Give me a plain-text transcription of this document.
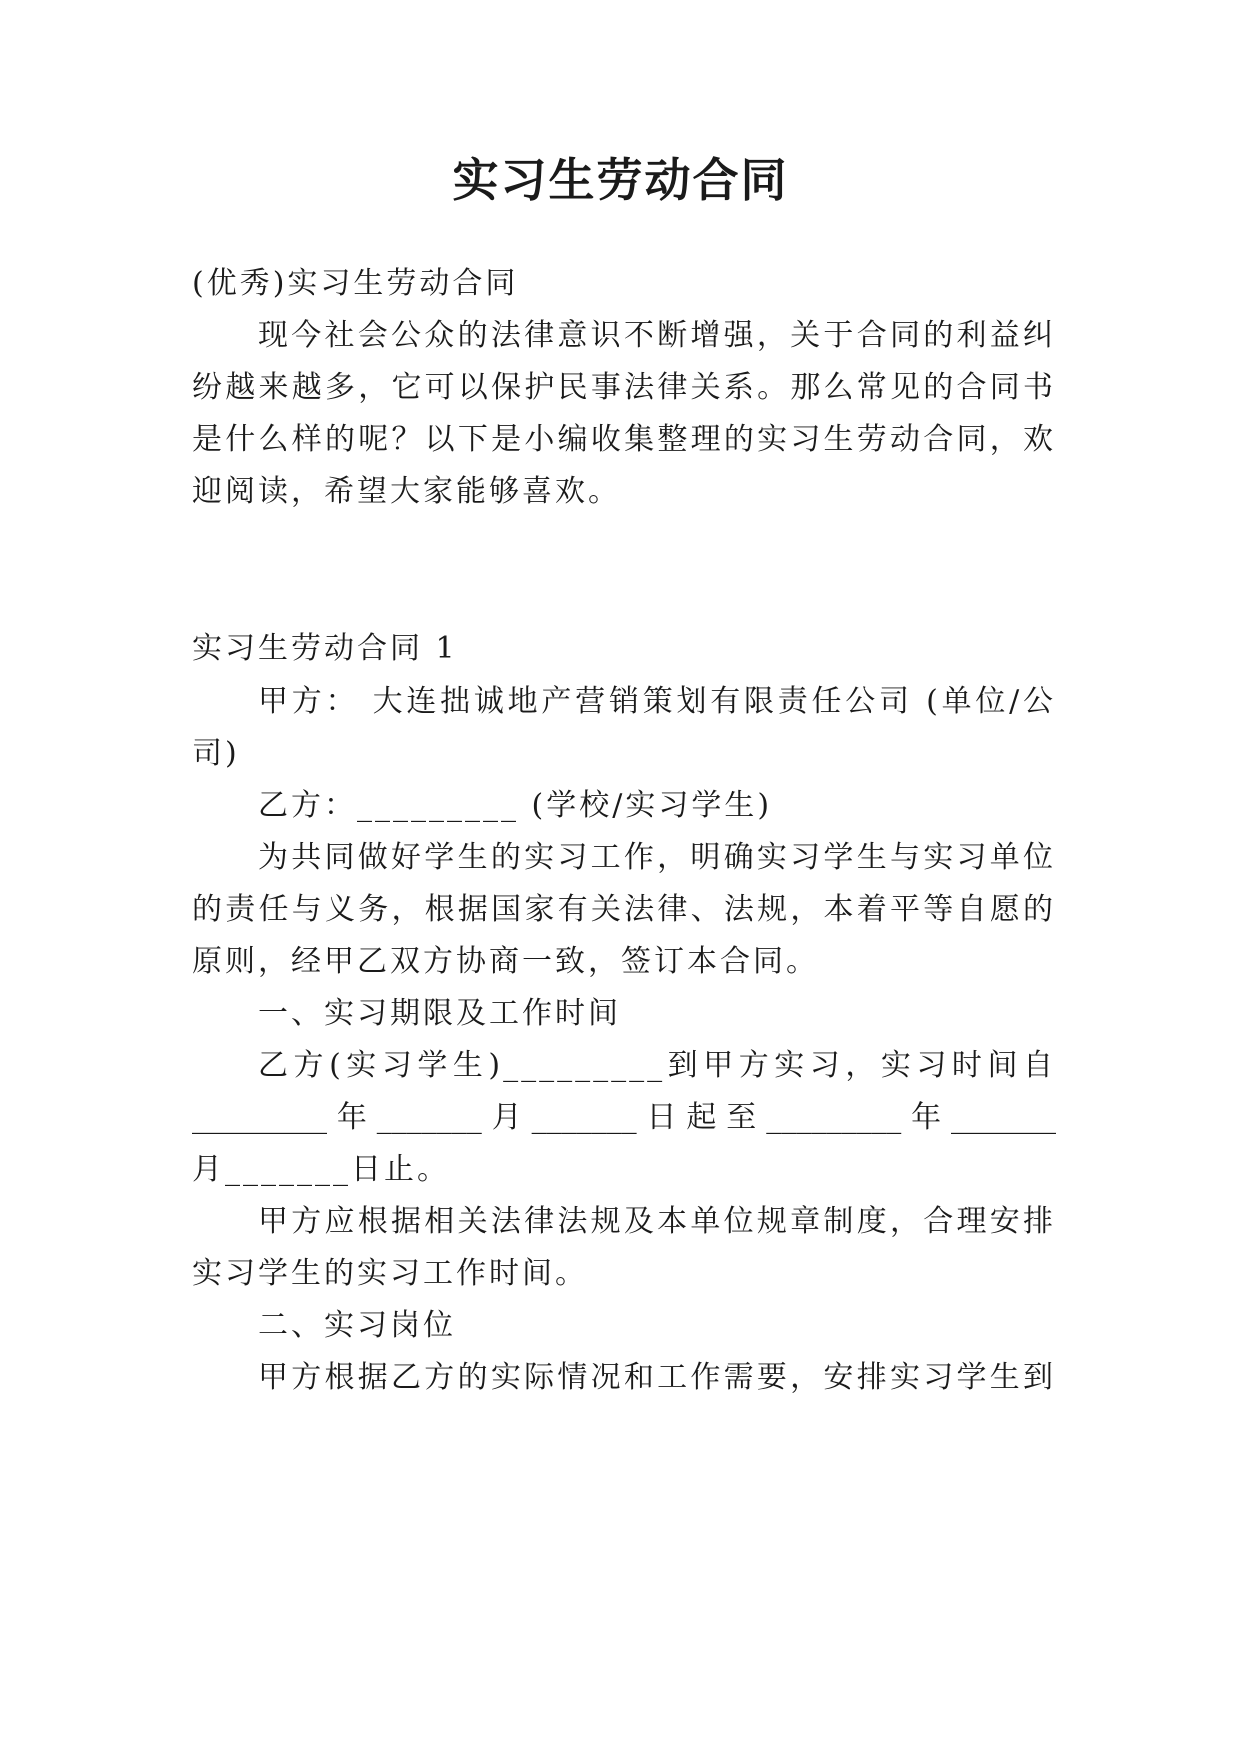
实习生劳动合同
(优秀)实习生劳动合同
现今社会公众的法律意识不断增强，关于合同的利益纠
纷越来越多，它可以保护民事法律关系。那么常见的合同书
是什么样的呢？以下是小编收集整理的实习生劳动合同，欢
迎阅读，希望大家能够喜欢。
实习生劳动合同 1
甲方： 大连拙诚地产营销策划有限责任公司 (单位/公
司)
乙方：_________ (学校/实习学生)
为共同做好学生的实习工作，明确实习学生与实习单位
的责任与义务，根据国家有关法律、法规，本着平等自愿的
原则，经甲乙双方协商一致，签订本合同。
一、实习期限及工作时间
乙方(实习学生)_________到甲方实习，实习时间自
_________年_______月_______日起至_________年_______
月_______日止。
甲方应根据相关法律法规及本单位规章制度，合理安排
实习学生的实习工作时间。
二、实习岗位
甲方根据乙方的实际情况和工作需要，安排实习学生到
